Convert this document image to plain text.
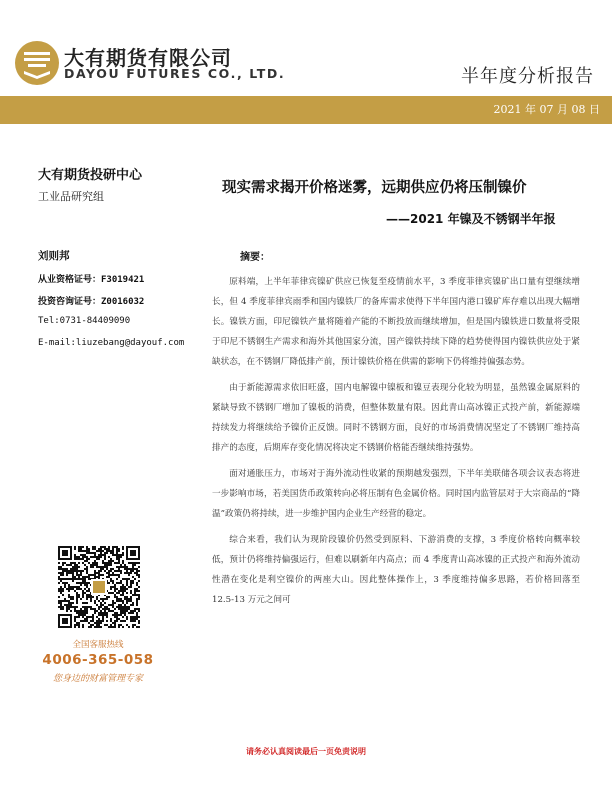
大有期货有限公司
DAYOU FUTURES CO., LTD.	半年度分析报告
2021 年 07 月 08 日
大有期货投研中心
工业品研究组
刘则邦
从业资格证号：F3019421
投资咨询证号：Z0016032
Tel:0731-84409090
E-mail:liuzebang@dayouf.com
全国客服热线
4006-365-058
您身边的财富管理专家
现实需求揭开价格迷雾，远期供应仍将压制镍价
——2021 年镍及不锈钢半年报
摘要：

原料端，上半年菲律宾镍矿供应已恢复至疫情前水平，3 季度菲律宾镍矿出口量有望继续增长，但 4 季度菲律宾雨季和国内镍铁厂的备库需求使得下半年国内港口镍矿库存难以出现大幅增长。镍铁方面，印尼镍铁产量将随着产能的不断投放而继续增加，但是国内镍铁进口数量将受限于印尼不锈钢生产需求和海外其他国家分流，国产镍铁持续下降的趋势使得国内镍铁供应处于紧缺状态，在不锈钢厂降低排产前，预计镍铁价格在供需的影响下仍将维持偏强态势。

由于新能源需求依旧旺盛，国内电解镍中镍板和镍豆表现分化较为明显，虽然镍金属原料的紧缺导致不锈钢厂增加了镍板的消费，但整体数量有限。因此青山高冰镍正式投产前，新能源端持续发力将继续给予镍价正反馈。同时不锈钢方面，良好的市场消费情况坚定了不锈钢厂维持高排产的态度，后期库存变化情况将决定不锈钢价格能否继续维持强势。

面对通胀压力，市场对于海外流动性收紧的预期越发强烈，下半年美联储各项会议表态将进一步影响市场，若美国货币政策转向必将压制有色金属价格。同时国内监管层对于大宗商品的“降温”政策仍将持续，进一步维护国内企业生产经营的稳定。

综合来看，我们认为现阶段镍价仍然受到原料、下游消费的支撑，3 季度价格转向概率较低，预计仍将维持偏强运行，但难以刷新年内高点；而 4 季度青山高冰镍的正式投产和海外流动性潜在变化是利空镍价的两座大山。因此整体操作上，3 季度维持偏多思路，若价格回落至 12.5-13 万元之间可

请务必认真阅读最后一页免责说明
